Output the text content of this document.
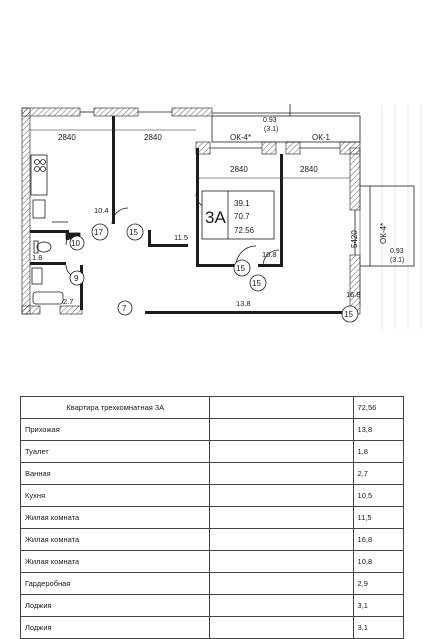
2840	2840
2840	2840
5420
ОК-4*	ОК-1
ОК-4*
0.93
(3.1)
0.93
(3.1)
3А
39.1
70.7
72.56
10.4
11.5
10.8
16.8
13.8
1.8
2.7
10
17	15
9
7
15
15
15
Квартира трехкомнатная 3А		72,56
Прихожая		13,8
Туалет		1,8
Ванная		2,7
Кухня		10,5
Жилая комната		11,5
Жилая комната		16,8
Жилая комната		10,8
Гардеробная		2,9
Лоджия		3,1
Лоджия		3,1
